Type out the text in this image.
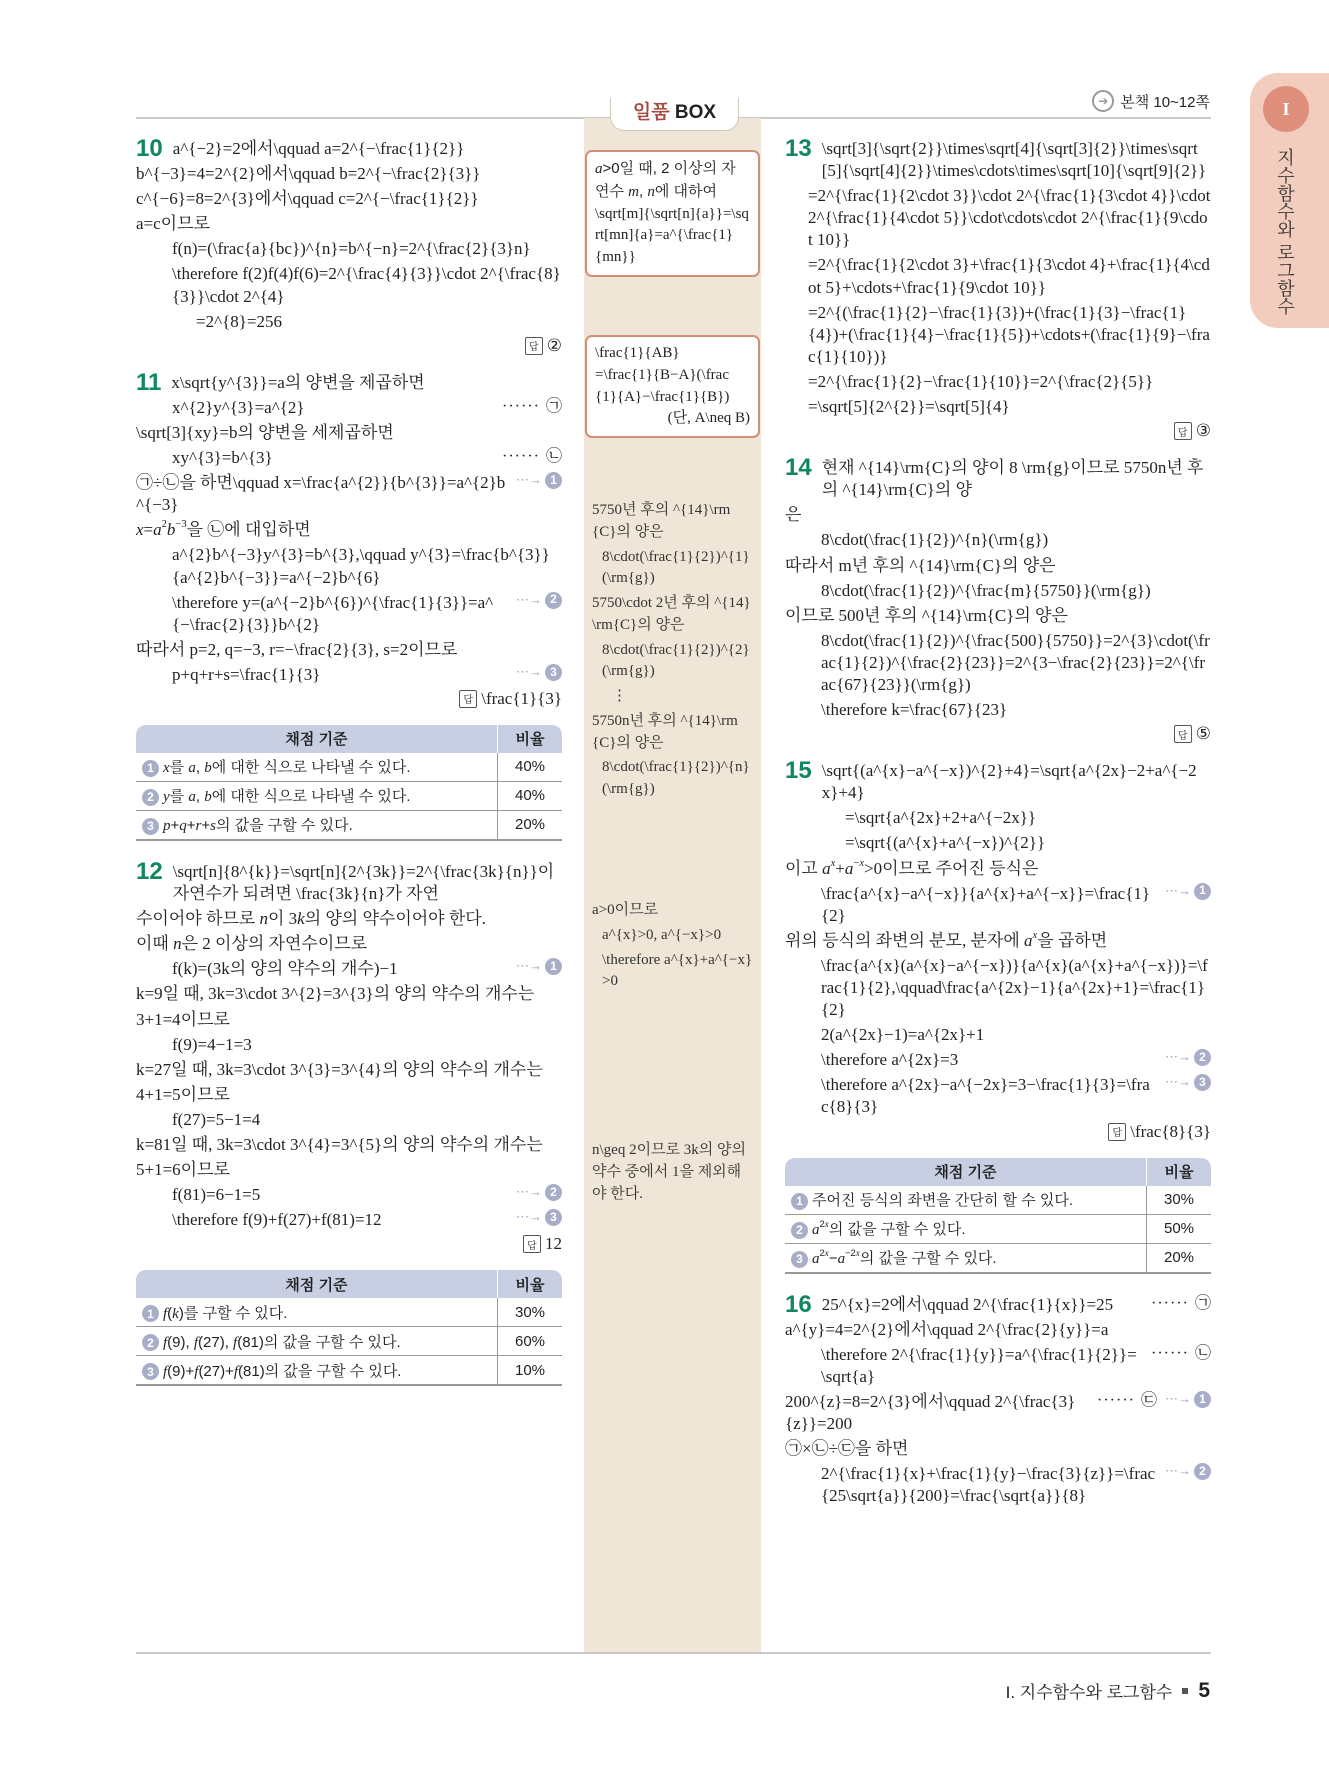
일품 BOX
➔ 본책 10~12쪽	I
지수함수와 로그함수
a>0일 때, 2 이상의 자연수 m, n에 대하여
\sqrt[m]{\sqrt[n]{a}}=\sqrt[mn]{a}=a^{\frac{1}{mn}}
\frac{1}{AB}
=\frac{1}{B−A}(\frac{1}{A}−\frac{1}{B})
(단, A\neq B)
5750년 후의 ^{14}\rm{C}의 양은
8\cdot(\frac{1}{2})^{1}(\rm{g})
5750\cdot 2년 후의 ^{14}\rm{C}의 양은
8\cdot(\frac{1}{2})^{2}(\rm{g})
⋮
5750n년 후의 ^{14}\rm{C}의 양은
8\cdot(\frac{1}{2})^{n}(\rm{g})
a>0이므로
a^{x}>0, a^{−x}>0
\therefore a^{x}+a^{−x}>0
n\geq 2이므로 3k의 양의 약수 중에서 1을 제외해야 한다.
10 a^{−2}=2에서\qquad a=2^{−\frac{1}{2}}
b^{−3}=4=2^{2}에서\qquad b=2^{−\frac{2}{3}}
c^{−6}=8=2^{3}에서\qquad c=2^{−\frac{1}{2}}
a=c이므로
f(n)=(\frac{a}{bc})^{n}=b^{−n}=2^{\frac{2}{3}n}
\therefore f(2)f(4)f(6)=2^{\frac{4}{3}}\cdot 2^{\frac{8}{3}}\cdot 2^{4}
=2^{8}=256
답 ②
11 x\sqrt{y^{3}}=a의 양변을 제곱하면
x^{2}y^{3}=a^{2}	······ ㉠
\sqrt[3]{xy}=b의 양변을 세제곱하면
xy^{3}=b^{3}	······ ㉡
㉠÷㉡을 하면\qquad x=\frac{a^{2}}{b^{3}}=a^{2}b^{−3}
⋯→ 1
$x=a^2b^{-3}$을 ㉡에 대입하면
a^{2}b^{−3}y^{3}=b^{3},\qquad y^{3}=\frac{b^{3}}{a^{2}b^{−3}}=a^{−2}b^{6}
\therefore y=(a^{−2}b^{6})^{\frac{1}{3}}=a^{−\frac{2}{3}}b^{2}
⋯→ 2
따라서 p=2, q=−3, r=−\frac{2}{3}, s=2이므로
p+q+r+s=\frac{1}{3}	⋯→ 3
답 \frac{1}{3}
채점 기준	비율
1 x를 a, b에 대한 식으로 나타낼 수 있다.	40%
2 y를 a, b에 대한 식으로 나타낼 수 있다.	40%
3 p+q+r+s의 값을 구할 수 있다.	20%
12 \sqrt[n]{8^{k}}=\sqrt[n]{2^{3k}}=2^{\frac{3k}{n}}이 자연수가 되려면 \frac{3k}{n}가 자연
수이어야 하므로 n이 3k의 양의 약수이어야 한다.
이때 n은 2 이상의 자연수이므로
f(k)=(3k의 양의 약수의 개수)−1	⋯→ 1
k=9일 때, 3k=3\cdot 3^{2}=3^{3}의 양의 약수의 개수는
3+1=4이므로
f(9)=4−1=3
k=27일 때, 3k=3\cdot 3^{3}=3^{4}의 양의 약수의 개수는
4+1=5이므로
f(27)=5−1=4
k=81일 때, 3k=3\cdot 3^{4}=3^{5}의 양의 약수의 개수는
5+1=6이므로
f(81)=6−1=5	⋯→ 2
\therefore f(9)+f(27)+f(81)=12	⋯→ 3
답 12
채점 기준	비율
1 f(k)를 구할 수 있다.	30%
2 f(9), f(27), f(81)의 값을 구할 수 있다.	60%
3 f(9)+f(27)+f(81)의 값을 구할 수 있다.	10%
13 \sqrt[3]{\sqrt{2}}\times\sqrt[4]{\sqrt[3]{2}}\times\sqrt[5]{\sqrt[4]{2}}\times\cdots\times\sqrt[10]{\sqrt[9]{2}}
=2^{\frac{1}{2\cdot 3}}\cdot 2^{\frac{1}{3\cdot 4}}\cdot 2^{\frac{1}{4\cdot 5}}\cdot\cdots\cdot 2^{\frac{1}{9\cdot 10}}
=2^{\frac{1}{2\cdot 3}+\frac{1}{3\cdot 4}+\frac{1}{4\cdot 5}+\cdots+\frac{1}{9\cdot 10}}
=2^{(\frac{1}{2}−\frac{1}{3})+(\frac{1}{3}−\frac{1}{4})+(\frac{1}{4}−\frac{1}{5})+\cdots+(\frac{1}{9}−\frac{1}{10})}
=2^{\frac{1}{2}−\frac{1}{10}}=2^{\frac{2}{5}}
=\sqrt[5]{2^{2}}=\sqrt[5]{4}
답 ③
14 현재 ^{14}\rm{C}의 양이 8 \rm{g}이므로 5750n년 후의 ^{14}\rm{C}의 양
은
8\cdot(\frac{1}{2})^{n}(\rm{g})
따라서 m년 후의 ^{14}\rm{C}의 양은
8\cdot(\frac{1}{2})^{\frac{m}{5750}}(\rm{g})
이므로 500년 후의 ^{14}\rm{C}의 양은
8\cdot(\frac{1}{2})^{\frac{500}{5750}}=2^{3}\cdot(\frac{1}{2})^{\frac{2}{23}}=2^{3−\frac{2}{23}}=2^{\frac{67}{23}}(\rm{g})
\therefore k=\frac{67}{23}
답 ⑤
15 \sqrt{(a^{x}−a^{−x})^{2}+4}=\sqrt{a^{2x}−2+a^{−2x}+4}
=\sqrt{a^{2x}+2+a^{−2x}}
=\sqrt{(a^{x}+a^{−x})^{2}}
이고 $a^x+a^{-x}>0$이므로 주어진 등식은
\frac{a^{x}−a^{−x}}{a^{x}+a^{−x}}=\frac{1}{2}
⋯→ 1
위의 등식의 좌변의 분모, 분자에 $a^x$을 곱하면
\frac{a^{x}(a^{x}−a^{−x})}{a^{x}(a^{x}+a^{−x})}=\frac{1}{2},\qquad\frac{a^{2x}−1}{a^{2x}+1}=\frac{1}{2}
2(a^{2x}−1)=a^{2x}+1
\therefore a^{2x}=3	⋯→ 2
\therefore a^{2x}−a^{−2x}=3−\frac{1}{3}=\frac{8}{3}
⋯→ 3
답 \frac{8}{3}
채점 기준	비율
1 주어진 등식의 좌변을 간단히 할 수 있다.	30%
2 $a^{2x}$의 값을 구할 수 있다.	50%
3 $a^{2x}-a^{-2x}$의 값을 구할 수 있다.	20%
16 25^{x}=2에서\qquad 2^{\frac{1}{x}}=25	······ ㉠
a^{y}=4=2^{2}에서\qquad 2^{\frac{2}{y}}=a
\therefore 2^{\frac{1}{y}}=a^{\frac{1}{2}}=\sqrt{a}
······ ㉡
200^{z}=8=2^{3}에서\qquad 2^{\frac{3}{z}}=200
······ ㉢ ⋯→ 1
㉠×㉡÷㉢을 하면
2^{\frac{1}{x}+\frac{1}{y}−\frac{3}{z}}=\frac{25\sqrt{a}}{200}=\frac{\sqrt{a}}{8}
⋯→ 2
I. 지수함수와 로그함수 5
